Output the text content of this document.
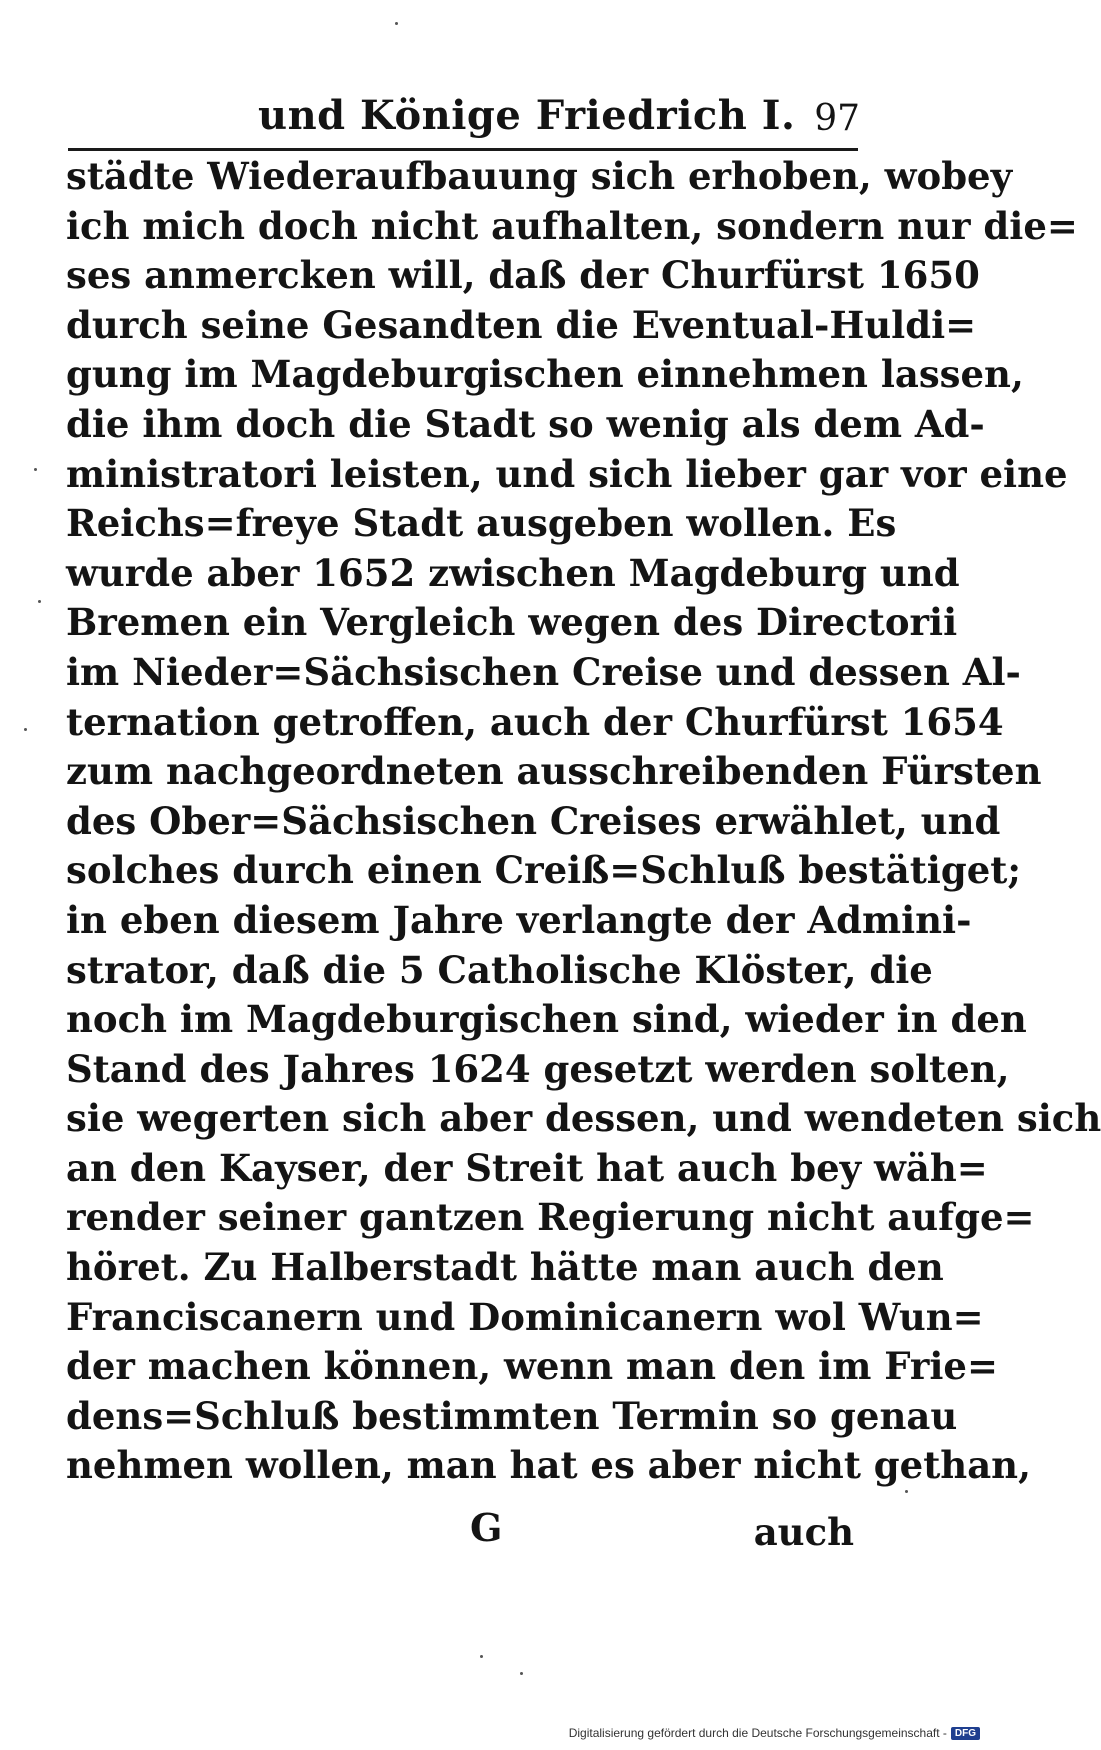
und Könige Friedrich I. 97
städte Wiederaufbauung sich erhoben, wobey
ich mich doch nicht aufhalten, sondern nur die=
ses anmercken will, daß der Churfürst 1650
durch seine Gesandten die Eventual-Huldi=
gung im Magdeburgischen einnehmen lassen,
die ihm doch die Stadt so wenig als dem Ad-
ministratori leisten, und sich lieber gar vor eine
Reichs=freye Stadt ausgeben wollen. Es
wurde aber 1652 zwischen Magdeburg und
Bremen ein Vergleich wegen des Directorii
im Nieder=Sächsischen Creise und dessen Al-
ternation getroffen, auch der Churfürst 1654
zum nachgeordneten ausschreibenden Fürsten
des Ober=Sächsischen Creises erwählet, und
solches durch einen Creiß=Schluß bestätiget;
in eben diesem Jahre verlangte der Admini-
strator, daß die 5 Catholische Klöster, die
noch im Magdeburgischen sind, wieder in den
Stand des Jahres 1624 gesetzt werden solten,
sie wegerten sich aber dessen, und wendeten sich
an den Kayser, der Streit hat auch bey wäh=
render seiner gantzen Regierung nicht aufge=
höret. Zu Halberstadt hätte man auch den
Franciscanern und Dominicanern wol Wun=
der machen können, wenn man den im Frie=
dens=Schluß bestimmten Termin so genau
nehmen wollen, man hat es aber nicht gethan,
G	auch
Digitalisierung gefördert durch die Deutsche Forschungsgemeinschaft - DFG
